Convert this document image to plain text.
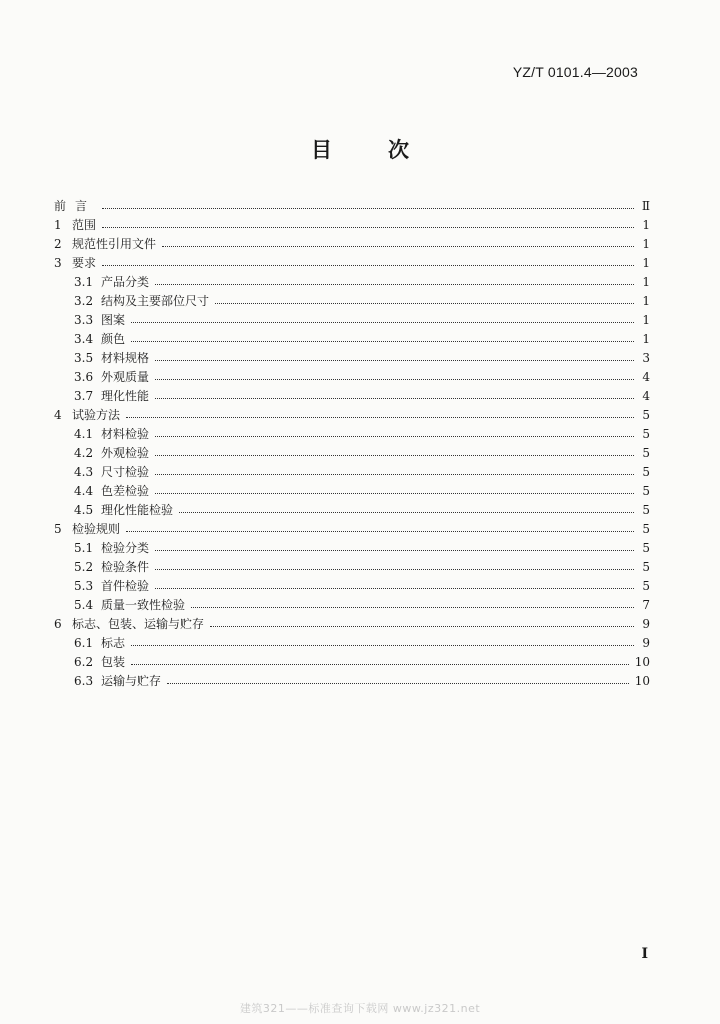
YZ/T 0101.4—2003
目	次
前言	Ⅱ
1 范围	1
2 规范性引用文件	1
3 要求	1
3.1 产品分类	1
3.2 结构及主要部位尺寸	1
3.3 图案	1
3.4 颜色	1
3.5 材料规格	3
3.6 外观质量	4
3.7 理化性能	4
4 试验方法	5
4.1 材料检验	5
4.2 外观检验	5
4.3 尺寸检验	5
4.4 色差检验	5
4.5 理化性能检验	5
5 检验规则	5
5.1 检验分类	5
5.2 检验条件	5
5.3 首件检验	5
5.4 质量一致性检验	7
6 标志、包装、运输与贮存	9
6.1 标志	9
6.2 包装	10
6.3 运输与贮存	10
I
建筑321——标准查询下载网 www.jz321.net
